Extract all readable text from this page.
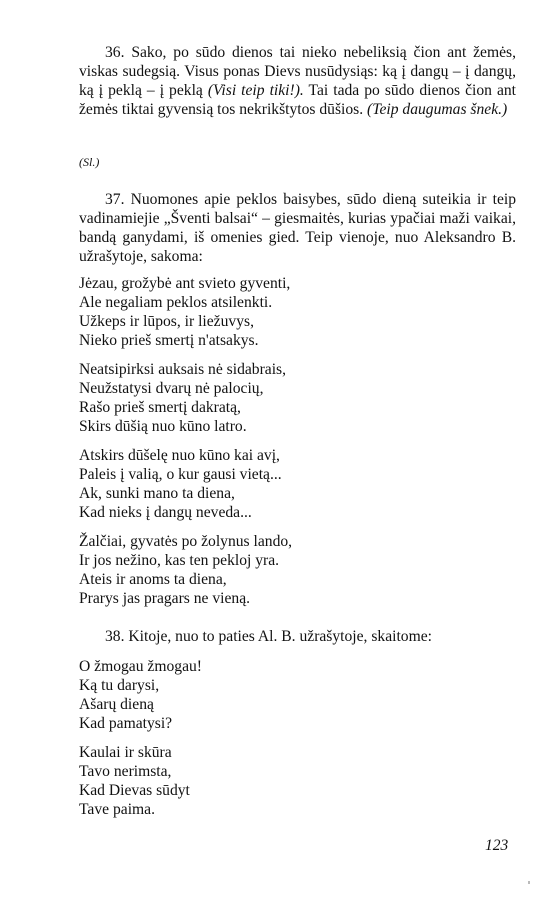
36. Sako, po sūdo dienos tai nieko nebeliksią čion ant žemės, viskas sudegsią. Visus ponas Dievs nusūdysiąs: ką į dangų – į dangų, ką į peklą – į peklą (Visi teip tiki!). Tai tada po sūdo dienos čion ant žemės tiktai gyvensią tos nekrikštytos dūšios. (Teip daugumas šnek.)
(Sl.)
37. Nuomones apie peklos baisybes, sūdo dieną suteikia ir teip vadinamiejie „Šventi balsai“ – giesmaitės, kurias ypačiai maži vaikai, bandą ganydami, iš omenies gied. Teip vienoje, nuo Aleksandro B. užrašytoje, sakoma:
Jėzau, grožybė ant svieto gyventi,
Ale negaliam peklos atsilenkti.
Užkeps ir lūpos, ir liežuvys,
Nieko prieš smertį n'atsakys.
Neatsipirksi auksais nė sidabrais,
Neužstatysi dvarų nė palocių,
Rašo prieš smertį dakratą,
Skirs dūšią nuo kūno latro.
Atskirs dūšelę nuo kūno kai avį,
Paleis į valią, o kur gausi vietą...
Ak, sunki mano ta diena,
Kad nieks į dangų neveda...
Žalčiai, gyvatės po žolynus lando,
Ir jos nežino, kas ten pekloj yra.
Ateis ir anoms ta diena,
Prarys jas pragars ne vieną.
38. Kitoje, nuo to paties Al. B. užrašytoje, skaitome:
O žmogau žmogau!
Ką tu darysi,
Ašarų dieną
Kad pamatysi?
Kaulai ir skūra
Tavo nerimsta,
Kad Dievas sūdyt
Tave paima.
123
